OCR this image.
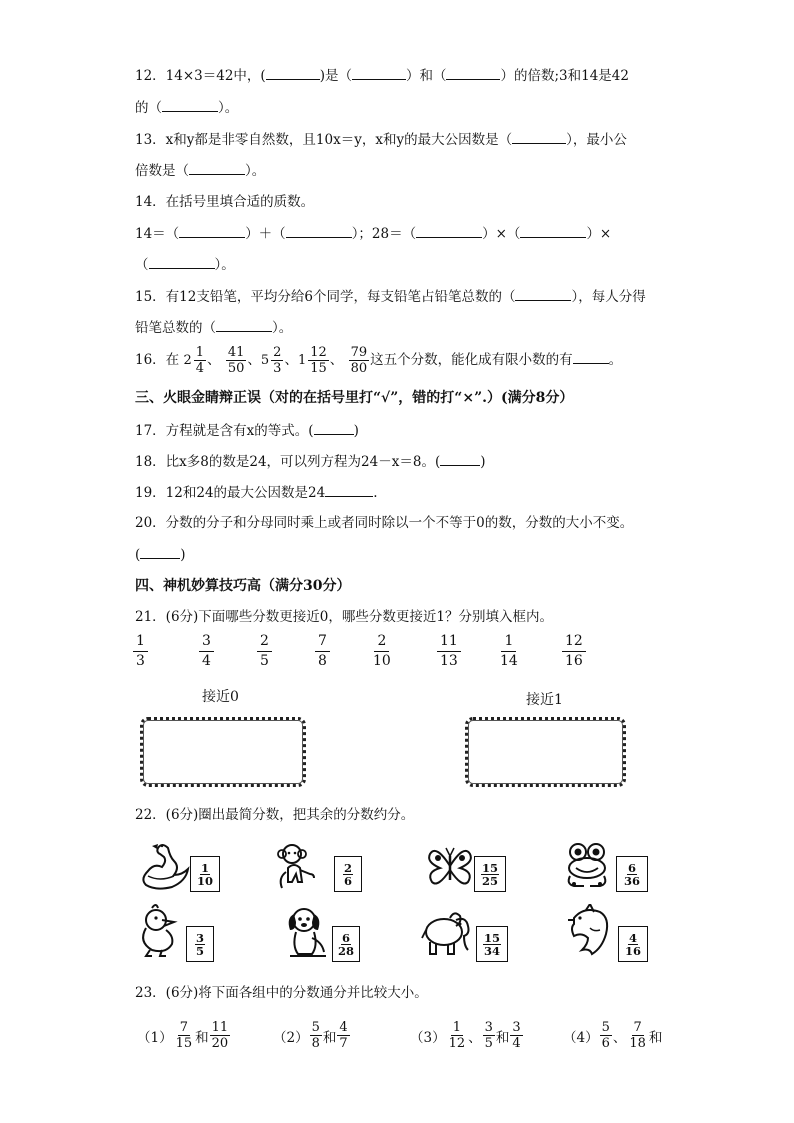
12．14×3＝42中，(	)是（	）和（	）的倍数;3和14是42
的（	）。
13．x和y都是非零自然数，且10x＝y，x和y的最大公因数是（	），最小公
倍数是（	）。
14．在括号里填合适的质数。
14＝（	）＋（	）；28＝（	）×（	）×
（	）。
15．有12支铅笔，平均分给6个同学，每支铅笔占铅笔总数的（	），每人分得
铅笔总数的（	）。
16．在 $2 \frac{1}{4}$ 、 $\frac{41}{50}$ 、 $5 \frac{2}{3}$ 、 $1 \frac{12}{15}$ 、 $\frac{79}{80}$ 这五个分数，能化成有限小数的有	。
三、火眼金睛辩正误（对的在括号里打“√”，错的打“×”.）(满分8分）
17．方程就是含有x的等式。(	)
18．比x多8的数是24，可以列方程为24－x＝8。(	)
19．12和24的最大公因数是24	.
20．分数的分子和分母同时乘上或者同时除以一个不等于0的数，分数的大小不变。
(	)
四、神机妙算技巧高（满分30分）
21．(6分)下面哪些分数更接近0，哪些分数更接近1？分别填入框内。
1
3
3
4
2
5
7
8
2
10
11
13
1
14
12
16
接近0	接近1
22．(6分)圈出最简分数，把其余的分数约分。
1
10
2
6
15
25
6
36
3
5
6
28
15
34
4
16
23．(6分)将下面各组中的分数通分并比较大小。
$(1) \frac{7}{15}$ 和 $\frac{11}{20}$	$(2) \frac{5}{8}$ 和 $\frac{4}{7}$	$(3) \frac{1}{12}$ 、 $\frac{3}{5}$ 和 $\frac{3}{4}$	$(4) \frac{5}{6}$ 、 $\frac{7}{18}$ 和
